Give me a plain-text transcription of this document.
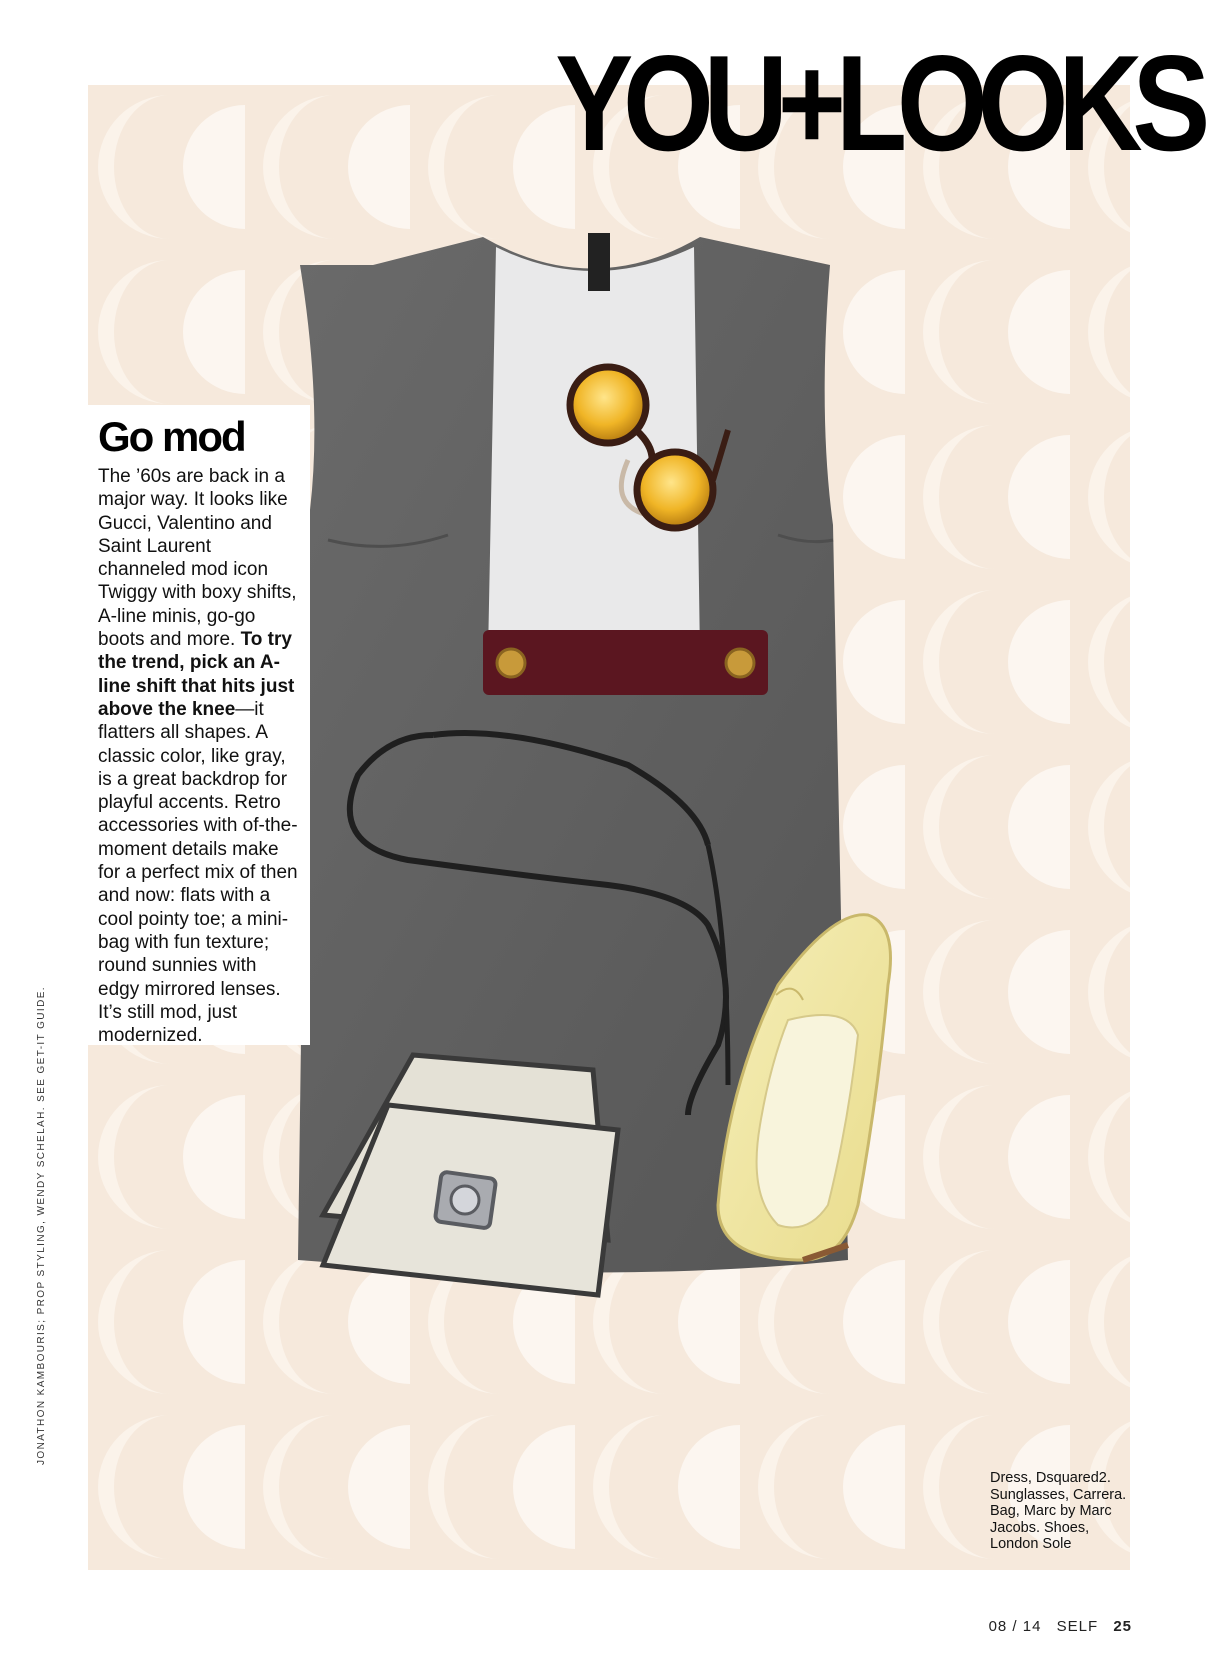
YOU+LOOKS
Go mod

The ’60s are back in a major way. It looks like Gucci, Valentino and Saint Laurent channeled mod icon Twiggy with boxy shifts, A-line minis, go-go boots and more. To try the trend, pick an A-line shift that hits just above the knee—it flatters all shapes. A classic color, like gray, is a great backdrop for playful accents. Retro accessories with of-the-moment details make for a perfect mix of then and now: flats with a cool pointy toe; a mini-bag with fun texture; round sunnies with edgy mirrored lenses. It’s still mod, just modernized.

JONATHON KAMBOURIS; PROP STYLING, WENDY SCHELAH. SEE GET-IT GUIDE.
Dress, Dsquared2. Sunglasses, Carrera. Bag, Marc by Marc Jacobs. Shoes, London Sole
08 / 14 SELF 25
